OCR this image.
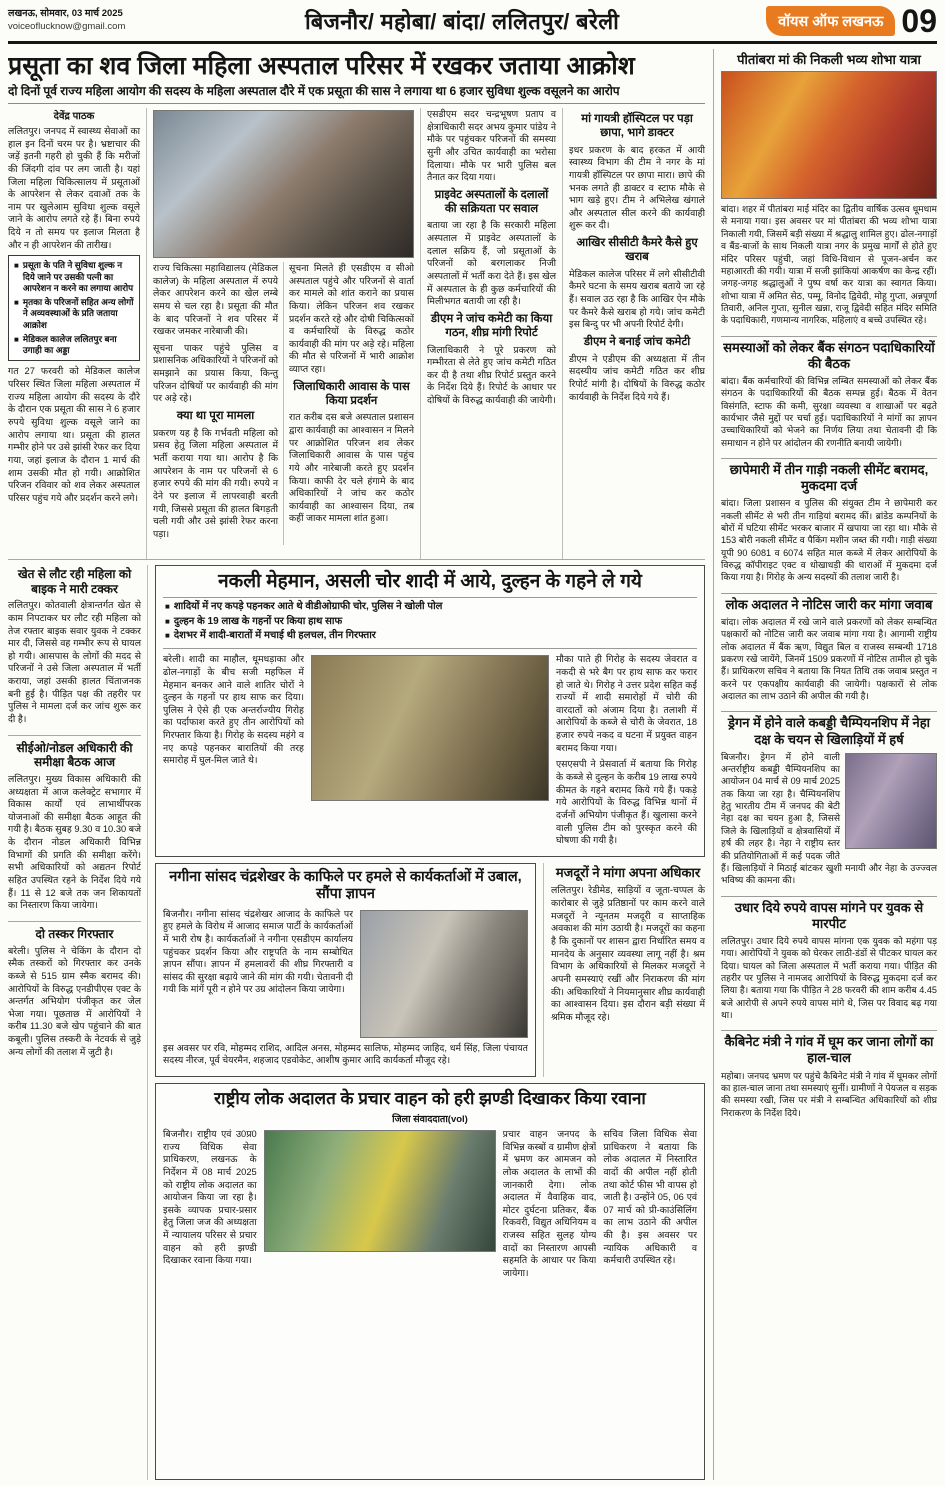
लखनऊ, सोमवार, 03 मार्च 2025
voiceoflucknow@gmail.com	बिजनौर/ महोबा/ बांदा/ ललितपुर/ बरेली	वॉयस ऑफ लखनऊ 09
प्रसूता का शव जिला महिला अस्पताल परिसर में रखकर जताया आक्रोश
दो दिनों पूर्व राज्य महिला आयोग की सदस्य के महिला अस्पताल दौरे में एक प्रसूता की सास ने लगाया था 6 हजार सुविधा शुल्क वसूलने का आरोप
देवेंद्र पाठक

ललितपुर। जनपद में स्वास्थ्य सेवाओं का हाल इन दिनों चरम पर है। भ्रष्टाचार की जड़ें इतनी गहरी हो चुकी हैं कि मरीजों की जिंदगी दांव पर लग जाती है। यहां जिला महिला चिकित्सालय में प्रसूताओं के आपरेशन से लेकर दवाओं तक के नाम पर खुलेआम सुविधा शुल्क वसूले जाने के आरोप लगते रहे हैं। बिना रुपये दिये न तो समय पर इलाज मिलता है और न ही आपरेशन की तारीख।

■ प्रसूता के पति ने सुविधा शुल्क न दिये जाने पर उसकी पत्नी का आपरेशन न करने का लगाया आरोप
■ मृतका के परिजनों सहित अन्य लोगों ने अव्यवस्थाओं के प्रति जताया आक्रोश
■ मेडिकल कालेज ललितपुर बना उगाही का अड्डा

गत 27 फरवरी को मेडिकल कालेज परिसर स्थित जिला महिला अस्पताल में राज्य महिला आयोग की सदस्य के दौरे के दौरान एक प्रसूता की सास ने 6 हजार रुपये सुविधा शुल्क वसूले जाने का आरोप लगाया था। प्रसूता की हालत गम्भीर होने पर उसे झांसी रेफर कर दिया गया, जहां इलाज के दौरान 1 मार्च की शाम उसकी मौत हो गयी। आक्रोशित परिजन रविवार को शव लेकर अस्पताल परिसर पहुंच गये और प्रदर्शन करने लगे।

राज्य चिकित्सा महाविद्यालय (मेडिकल कालेज) के महिला अस्पताल में रुपये लेकर आपरेशन करने का खेल लम्बे समय से चल रहा है। प्रसूता की मौत के बाद परिजनों ने शव परिसर में रखकर जमकर नारेबाजी की।

सूचना पाकर पहुंचे पुलिस व प्रशासनिक अधिकारियों ने परिजनों को समझाने का प्रयास किया, किन्तु परिजन दोषियों पर कार्यवाही की मांग पर अड़े रहे।

क्या था पूरा मामला

प्रकरण यह है कि गर्भवती महिला को प्रसव हेतु जिला महिला अस्पताल में भर्ती कराया गया था। आरोप है कि आपरेशन के नाम पर परिजनों से 6 हजार रुपये की मांग की गयी। रुपये न देने पर इलाज में लापरवाही बरती गयी, जिससे प्रसूता की हालत बिगड़ती चली गयी और उसे झांसी रेफर करना पड़ा।

सूचना मिलते ही एसडीएम व सीओ अस्पताल पहुंचे और परिजनों से वार्ता कर मामले को शांत कराने का प्रयास किया। लेकिन परिजन शव रखकर प्रदर्शन करते रहे और दोषी चिकित्सकों व कर्मचारियों के विरुद्ध कठोर कार्यवाही की मांग पर अड़े रहे। महिला की मौत से परिजनों में भारी आक्रोश व्याप्त रहा।

जिलाधिकारी आवास के पास किया प्रदर्शन

रात करीब दस बजे अस्पताल प्रशासन द्वारा कार्यवाही का आश्वासन न मिलने पर आक्रोशित परिजन शव लेकर जिलाधिकारी आवास के पास पहुंच गये और नारेबाजी करते हुए प्रदर्शन किया। काफी देर चले हंगामे के बाद अधिकारियों ने जांच कर कठोर कार्यवाही का आश्वासन दिया, तब कहीं जाकर मामला शांत हुआ।

एसडीएम सदर चन्द्रभूषण प्रताप व क्षेत्राधिकारी सदर अभय कुमार पांडेय ने मौके पर पहुंचकर परिजनों की समस्या सुनी और उचित कार्यवाही का भरोसा दिलाया। मौके पर भारी पुलिस बल तैनात कर दिया गया।

प्राइवेट अस्पतालों के दलालों की सक्रियता पर सवाल

बताया जा रहा है कि सरकारी महिला अस्पताल में प्राइवेट अस्पतालों के दलाल सक्रिय हैं, जो प्रसूताओं के परिजनों को बरगलाकर निजी अस्पतालों में भर्ती करा देते हैं। इस खेल में अस्पताल के ही कुछ कर्मचारियों की मिलीभगत बतायी जा रही है।

डीएम ने जांच कमेटी का किया गठन, शीघ्र मांगी रिपोर्ट

जिलाधिकारी ने पूरे प्रकरण को गम्भीरता से लेते हुए जांच कमेटी गठित कर दी है तथा शीघ्र रिपोर्ट प्रस्तुत करने के निर्देश दिये हैं। रिपोर्ट के आधार पर दोषियों के विरुद्ध कार्यवाही की जायेगी।

मां गायत्री हॉस्पिटल पर पड़ा छापा, भागे डाक्टर

इधर प्रकरण के बाद हरकत में आयी स्वास्थ्य विभाग की टीम ने नगर के मां गायत्री हॉस्पिटल पर छापा मारा। छापे की भनक लगते ही डाक्टर व स्टाफ मौके से भाग खड़े हुए। टीम ने अभिलेख खंगाले और अस्पताल सील करने की कार्यवाही शुरू कर दी।

आखिर सीसीटी कैमरे कैसे हुए खराब

मेडिकल कालेज परिसर में लगे सीसीटीवी कैमरे घटना के समय खराब बताये जा रहे हैं। सवाल उठ रहा है कि आखिर ऐन मौके पर कैमरे कैसे खराब हो गये। जांच कमेटी इस बिन्दु पर भी अपनी रिपोर्ट देगी।

डीएम ने बनाई जांच कमेटी

डीएम ने एडीएम की अध्यक्षता में तीन सदस्यीय जांच कमेटी गठित कर शीघ्र रिपोर्ट मांगी है। दोषियों के विरुद्ध कठोर कार्यवाही के निर्देश दिये गये हैं।

खेत से लौट रही महिला को बाइक ने मारी टक्कर

ललितपुर। कोतवाली क्षेत्रान्तर्गत खेत से काम निपटाकर घर लौट रही महिला को तेज रफ्तार बाइक सवार युवक ने टक्कर मार दी, जिससे वह गम्भीर रूप से घायल हो गयी। आसपास के लोगों की मदद से परिजनों ने उसे जिला अस्पताल में भर्ती कराया, जहां उसकी हालत चिंताजनक बनी हुई है। पीड़ित पक्ष की तहरीर पर पुलिस ने मामला दर्ज कर जांच शुरू कर दी है।

सीईओ/नोडल अधिकारी की समीक्षा बैठक आज

ललितपुर। मुख्य विकास अधिकारी की अध्यक्षता में आज कलेक्ट्रेट सभागार में विकास कार्यों एवं लाभार्थीपरक योजनाओं की समीक्षा बैठक आहूत की गयी है। बैठक सुबह 9.30 व 10.30 बजे के दौरान नोडल अधिकारी विभिन्न विभागों की प्रगति की समीक्षा करेंगे। सभी अधिकारियों को अद्यतन रिपोर्ट सहित उपस्थित रहने के निर्देश दिये गये हैं। 11 से 12 बजे तक जन शिकायतों का निस्तारण किया जायेगा।

दो तस्कर गिरफ्तार

बरेली। पुलिस ने चेकिंग के दौरान दो स्मैक तस्करों को गिरफ्तार कर उनके कब्जे से 515 ग्राम स्मैक बरामद की। आरोपियों के विरुद्ध एनडीपीएस एक्ट के अन्तर्गत अभियोग पंजीकृत कर जेल भेजा गया। पूछताछ में आरोपियों ने करीब 11.30 बजे खेप पहुंचाने की बात कबूली। पुलिस तस्करी के नेटवर्क से जुड़े अन्य लोगों की तलाश में जुटी है।

नकली मेहमान, असली चोर शादी में आये, दुल्हन के गहने ले गये
■ शादियों में नए कपड़े पहनकर आते थे वीडीओग्राफी चोर, पुलिस ने खोली पोल
■ दुल्हन के 19 लाख के गहनों पर किया हाथ साफ
■ देशभर में शादी-बारातों में मचाई थी हलचल, तीन गिरफ्तार

बरेली। शादी का माहौल, धूमधड़ाका और ढोल-नगाड़ों के बीच सजी महफिल में मेहमान बनकर आने वाले शातिर चोरों ने दुल्हन के गहनों पर हाथ साफ कर दिया। पुलिस ने ऐसे ही एक अन्तर्राज्यीय गिरोह का पर्दाफाश करते हुए तीन आरोपियों को गिरफ्तार किया है। गिरोह के सदस्य महंगे व नए कपड़े पहनकर बारातियों की तरह समारोह में घुल-मिल जाते थे।

मौका पाते ही गिरोह के सदस्य जेवरात व नकदी से भरे बैग पर हाथ साफ कर फरार हो जाते थे। गिरोह ने उत्तर प्रदेश सहित कई राज्यों में शादी समारोहों में चोरी की वारदातों को अंजाम दिया है। तलाशी में आरोपियों के कब्जे से चोरी के जेवरात, 18 हजार रुपये नकद व घटना में प्रयुक्त वाहन बरामद किया गया।

एसएसपी ने प्रेसवार्ता में बताया कि गिरोह के कब्जे से दुल्हन के करीब 19 लाख रुपये कीमत के गहने बरामद किये गये हैं। पकड़े गये आरोपियों के विरुद्ध विभिन्न थानों में दर्जनों अभियोग पंजीकृत हैं। खुलासा करने वाली पुलिस टीम को पुरस्कृत करने की घोषणा की गयी है।

नगीना सांसद चंद्रशेखर के काफिले पर हमले से कार्यकर्ताओं में उबाल, सौंपा ज्ञापन

बिजनौर। नगीना सांसद चंद्रशेखर आजाद के काफिले पर हुए हमले के विरोध में आजाद समाज पार्टी के कार्यकर्ताओं में भारी रोष है। कार्यकर्ताओं ने नगीना एसडीएम कार्यालय पहुंचकर प्रदर्शन किया और राष्ट्रपति के नाम सम्बोधित ज्ञापन सौंपा। ज्ञापन में हमलावरों की शीघ्र गिरफ्तारी व सांसद की सुरक्षा बढ़ाये जाने की मांग की गयी। चेतावनी दी गयी कि मांगें पूरी न होने पर उग्र आंदोलन किया जायेगा।

इस अवसर पर रवि, मोहम्मद राशिद, आदिल अनस, मोहम्मद सालिफ, मोहम्मद जाहिद, धर्म सिंह, जिला पंचायत सदस्य नीरज, पूर्व चेयरमैन, शहजाद एडवोकेट, आशीष कुमार आदि कार्यकर्ता मौजूद रहे।

मजदूरों ने मांगा अपना अधिकार

ललितपुर। रेडीमेड, साड़ियों व जूता-चप्पल के कारोबार से जुड़े प्रतिष्ठानों पर काम करने वाले मजदूरों ने न्यूनतम मजदूरी व साप्ताहिक अवकाश की मांग उठायी है। मजदूरों का कहना है कि दुकानों पर शासन द्वारा निर्धारित समय व मानदेय के अनुसार व्यवस्था लागू नहीं है। श्रम विभाग के अधिकारियों से मिलकर मजदूरों ने अपनी समस्याएं रखीं और निराकरण की मांग की। अधिकारियों ने नियमानुसार शीघ्र कार्यवाही का आश्वासन दिया। इस दौरान बड़ी संख्या में श्रमिक मौजूद रहे।

राष्ट्रीय लोक अदालत के प्रचार वाहन को हरी झण्डी दिखाकर किया रवाना
जिला संवाददाता(vol)

बिजनौर। राष्ट्रीय एवं उ0प्र0 राज्य विधिक सेवा प्राधिकरण, लखनऊ के निर्देशन में 08 मार्च 2025 को राष्ट्रीय लोक अदालत का आयोजन किया जा रहा है। इसके व्यापक प्रचार-प्रसार हेतु जिला जज की अध्यक्षता में न्यायालय परिसर से प्रचार वाहन को हरी झण्डी दिखाकर रवाना किया गया।

प्रचार वाहन जनपद के विभिन्न कस्बों व ग्रामीण क्षेत्रों में भ्रमण कर आमजन को लोक अदालत के लाभों की जानकारी देगा। लोक अदालत में वैवाहिक वाद, मोटर दुर्घटना प्रतिकर, बैंक रिकवरी, विद्युत अधिनियम व राजस्व सहित सुलह योग्य वादों का निस्तारण आपसी सहमति के आधार पर किया जायेगा।

सचिव जिला विधिक सेवा प्राधिकरण ने बताया कि लोक अदालत में निस्तारित वादों की अपील नहीं होती तथा कोर्ट फीस भी वापस हो जाती है। उन्होंने 05, 06 एवं 07 मार्च को प्री-काउंसिलिंग का लाभ उठाने की अपील की है। इस अवसर पर न्यायिक अधिकारी व कर्मचारी उपस्थित रहे।

पीतांबरा मां की निकली भव्य शोभा यात्रा

बांदा। शहर में पीतांबरा माई मंदिर का द्वितीय वार्षिक उत्सव धूमधाम से मनाया गया। इस अवसर पर मां पीतांबरा की भव्य शोभा यात्रा निकाली गयी, जिसमें बड़ी संख्या में श्रद्धालु शामिल हुए। ढोल-नगाड़ों व बैंड-बाजों के साथ निकली यात्रा नगर के प्रमुख मार्गों से होते हुए मंदिर परिसर पहुंची, जहां विधि-विधान से पूजन-अर्चन कर महाआरती की गयी। यात्रा में सजी झांकियां आकर्षण का केन्द्र रहीं। जगह-जगह श्रद्धालुओं ने पुष्प वर्षा कर यात्रा का स्वागत किया। शोभा यात्रा में अमित सेठ, पम्मू, विनोद द्विवेदी, मोहू गुप्ता, अन्नपूर्णा तिवारी, अनिल गुप्ता, सुनील खन्ना, राजू द्विवेदी सहित मंदिर समिति के पदाधिकारी, गणमान्य नागरिक, महिलाएं व बच्चे उपस्थित रहे।

समस्याओं को लेकर बैंक संगठन पदाधिकारियों की बैठक

बांदा। बैंक कर्मचारियों की विभिन्न लम्बित समस्याओं को लेकर बैंक संगठन के पदाधिकारियों की बैठक सम्पन्न हुई। बैठक में वेतन विसंगति, स्टाफ की कमी, सुरक्षा व्यवस्था व शाखाओं पर बढ़ते कार्यभार जैसे मुद्दों पर चर्चा हुई। पदाधिकारियों ने मांगों का ज्ञापन उच्चाधिकारियों को भेजने का निर्णय लिया तथा चेतावनी दी कि समाधान न होने पर आंदोलन की रणनीति बनायी जायेगी।

छापेमारी में तीन गाड़ी नकली सीमेंट बरामद, मुकदमा दर्ज

बांदा। जिला प्रशासन व पुलिस की संयुक्त टीम ने छापेमारी कर नकली सीमेंट से भरी तीन गाड़ियां बरामद कीं। ब्रांडेड कम्पनियों के बोरों में घटिया सीमेंट भरकर बाजार में खपाया जा रहा था। मौके से 153 बोरी नकली सीमेंट व पैकिंग मशीन जब्त की गयी। गाड़ी संख्या यूपी 90 6081 व 6074 सहित माल कब्जे में लेकर आरोपियों के विरुद्ध कॉपीराइट एक्ट व धोखाधड़ी की धाराओं में मुकदमा दर्ज किया गया है। गिरोह के अन्य सदस्यों की तलाश जारी है।

लोक अदालत ने नोटिस जारी कर मांगा जवाब

बांदा। लोक अदालत में रखे जाने वाले प्रकरणों को लेकर सम्बन्धित पक्षकारों को नोटिस जारी कर जवाब मांगा गया है। आगामी राष्ट्रीय लोक अदालत में बैंक ऋण, विद्युत बिल व राजस्व सम्बन्धी 1718 प्रकरण रखे जायेंगे, जिनमें 1509 प्रकरणों में नोटिस तामील हो चुके हैं। प्राधिकरण सचिव ने बताया कि नियत तिथि तक जवाब प्रस्तुत न करने पर एकपक्षीय कार्यवाही की जायेगी। पक्षकारों से लोक अदालत का लाभ उठाने की अपील की गयी है।

ड्रेगन में होने वाले कबड्डी चैम्पियनशिप में नेहा दक्ष के चयन से खिलाड़ियों में हर्ष

बिजनौर। ड्रेगन में होने वाली अन्तर्राष्ट्रीय कबड्डी चैम्पियनशिप का आयोजन 04 मार्च से 09 मार्च 2025 तक किया जा रहा है। चैम्पियनशिप हेतु भारतीय टीम में जनपद की बेटी नेहा दक्ष का चयन हुआ है, जिससे जिले के खिलाड़ियों व क्षेत्रवासियों में हर्ष की लहर है। नेहा ने राष्ट्रीय स्तर की प्रतियोगिताओं में कई पदक जीते हैं। खिलाड़ियों ने मिठाई बांटकर खुशी मनायी और नेहा के उज्ज्वल भविष्य की कामना की।

उधार दिये रुपये वापस मांगने पर युवक से मारपीट

ललितपुर। उधार दिये रुपये वापस मांगना एक युवक को महंगा पड़ गया। आरोपियों ने युवक को घेरकर लाठी-डंडों से पीटकर घायल कर दिया। घायल को जिला अस्पताल में भर्ती कराया गया। पीड़ित की तहरीर पर पुलिस ने नामजद आरोपियों के विरुद्ध मुकदमा दर्ज कर लिया है। बताया गया कि पीड़ित ने 28 फरवरी की शाम करीब 4.45 बजे आरोपी से अपने रुपये वापस मांगे थे, जिस पर विवाद बढ़ गया था।

कैबिनेट मंत्री ने गांव में घूम कर जाना लोगों का हाल-चाल

महोबा। जनपद भ्रमण पर पहुंचे कैबिनेट मंत्री ने गांव में घूमकर लोगों का हाल-चाल जाना तथा समस्याएं सुनीं। ग्रामीणों ने पेयजल व सड़क की समस्या रखी, जिस पर मंत्री ने सम्बन्धित अधिकारियों को शीघ्र निराकरण के निर्देश दिये।
